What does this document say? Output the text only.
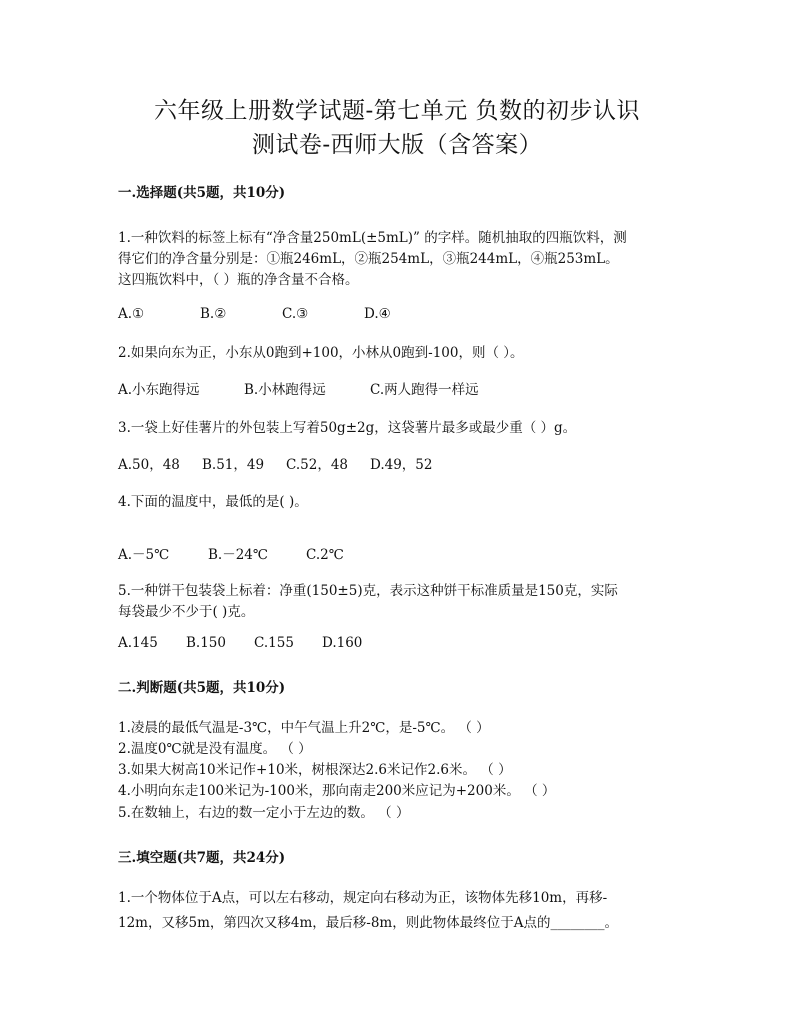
六年级上册数学试题-第七单元 负数的初步认识
测试卷-西师大版（含答案）
一.选择题(共5题，共10分)
1.一种饮料的标签上标有“净含量250mL(±5mL)” 的字样。随机抽取的四瓶饮料，测
得它们的净含量分别是：①瓶246mL，②瓶254mL，③瓶244mL，④瓶253mL。
这四瓶饮料中，（ ）瓶的净含量不合格。
A.①	B.②	C.③	D.④
2.如果向东为正，小东从0跑到+100，小林从0跑到-100，则（ ）。
A.小东跑得远	B.小林跑得远	C.两人跑得一样远
3.一袋上好佳薯片的外包装上写着50g±2g，这袋薯片最多或最少重（ ）g。
A.50，48 B.51，49 C.52，48 D.49，52
4.下面的温度中，最低的是( )。
A.－5℃	B.－24℃	C.2℃
5.一种饼干包装袋上标着：净重(150±5)克，表示这种饼干标准质量是150克，实际
每袋最少不少于( )克。
A.145 B.150 C.155 D.160
二.判断题(共5题，共10分)
1.凌晨的最低气温是-3℃，中午气温上升2℃，是-5℃。 （ ）
2.温度0℃就是没有温度。 （ ）
3.如果大树高10米记作+10米，树根深达2.6米记作2.6米。 （ ）
4.小明向东走100米记为-100米，那向南走200米应记为+200米。 （ ）
5.在数轴上，右边的数一定小于左边的数。 （ ）
三.填空题(共7题，共24分)
1.一个物体位于A点，可以左右移动，规定向右移动为正，该物体先移10m，再移-
12m，又移5m，第四次又移4m，最后移-8m，则此物体最终位于A点的________。
